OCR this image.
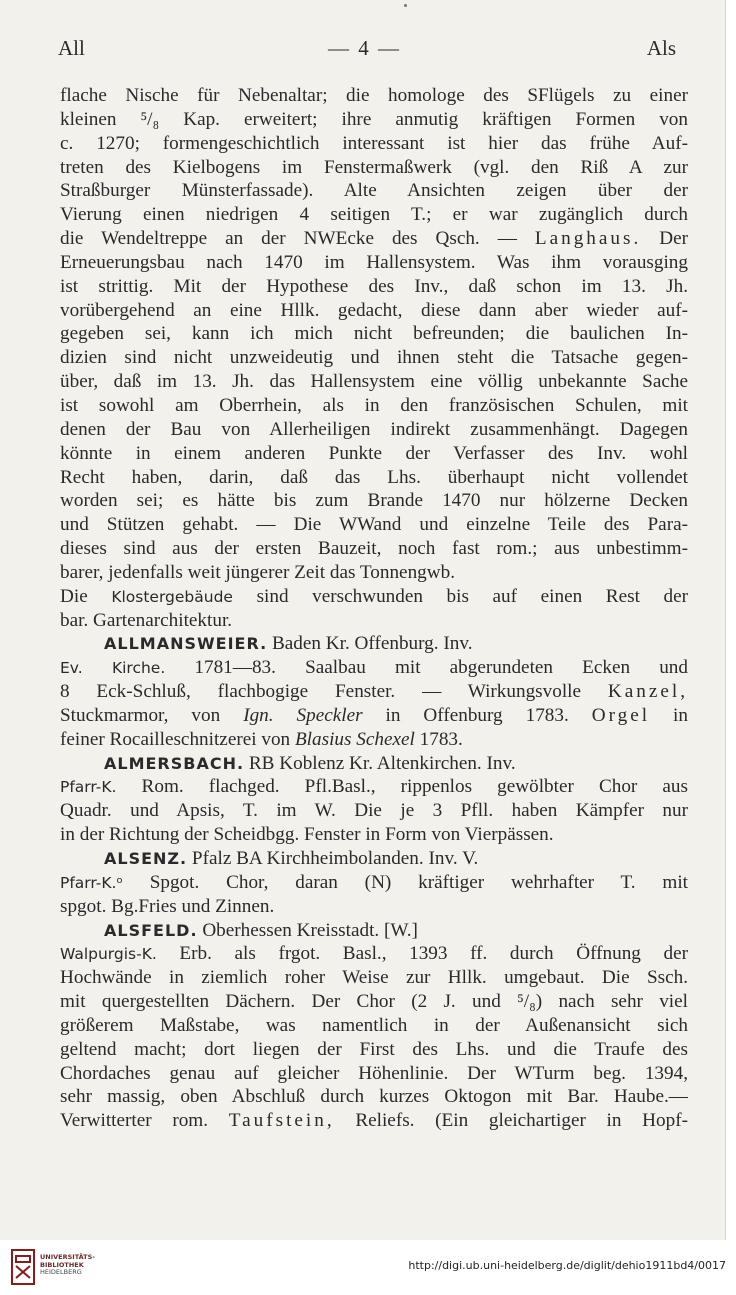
All	— 4 —	Als
flache Nische für Nebenaltar; die homologe des SFlügels zu einer
kleinen ⁵/₈ Kap. erweitert; ihre anmutig kräftigen Formen von
c. 1270; formengeschichtlich interessant ist hier das frühe Auf-
treten des Kielbogens im Fenstermaßwerk (vgl. den Riß A zur
Straßburger Münsterfassade). Alte Ansichten zeigen über der
Vierung einen niedrigen 4 seitigen T.; er war zugänglich durch
die Wendeltreppe an der NWEcke des Qsch. — Langhaus. Der
Erneuerungsbau nach 1470 im Hallensystem. Was ihm vorausging
ist strittig. Mit der Hypothese des Inv., daß schon im 13. Jh.
vorübergehend an eine Hllk. gedacht, diese dann aber wieder auf-
gegeben sei, kann ich mich nicht befreunden; die baulichen In-
dizien sind nicht unzweideutig und ihnen steht die Tatsache gegen-
über, daß im 13. Jh. das Hallensystem eine völlig unbekannte Sache
ist sowohl am Oberrhein, als in den französischen Schulen, mit
denen der Bau von Allerheiligen indirekt zusammenhängt. Dagegen
könnte in einem anderen Punkte der Verfasser des Inv. wohl
Recht haben, darin, daß das Lhs. überhaupt nicht vollendet
worden sei; es hätte bis zum Brande 1470 nur hölzerne Decken
und Stützen gehabt. — Die WWand und einzelne Teile des Para-
dieses sind aus der ersten Bauzeit, noch fast rom.; aus unbestimm-
barer, jedenfalls weit jüngerer Zeit das Tonnengwb.
Die Klostergebäude sind verschwunden bis auf einen Rest der
bar. Gartenarchitektur.
ALLMANSWEIER. Baden Kr. Offenburg. Inv.
Ev. Kirche. 1781—83. Saalbau mit abgerundeten Ecken und
8 Eck-Schluß, flachbogige Fenster. — Wirkungsvolle Kanzel,
Stuckmarmor, von Ign. Speckler in Offenburg 1783. Orgel in
feiner Rocailleschnitzerei von Blasius Schexel 1783.
ALMERSBACH. RB Koblenz Kr. Altenkirchen. Inv.
Pfarr-K. Rom. flachged. Pfl.Basl., rippenlos gewölbter Chor aus
Quadr. und Apsis, T. im W. Die je 3 Pfll. haben Kämpfer nur
in der Richtung der Scheidbgg. Fenster in Form von Vierpässen.
ALSENZ. Pfalz BA Kirchheimbolanden. Inv. V.
Pfarr-K.ᵒ Spgot. Chor, daran (N) kräftiger wehrhafter T. mit
spgot. Bg.Fries und Zinnen.
ALSFELD. Oberhessen Kreisstadt. [W.]
Walpurgis-K. Erb. als frgot. Basl., 1393 ff. durch Öffnung der
Hochwände in ziemlich roher Weise zur Hllk. umgebaut. Die Ssch.
mit quergestellten Dächern. Der Chor (2 J. und ⁵/₈) nach sehr viel
größerem Maßstabe, was namentlich in der Außenansicht sich
geltend macht; dort liegen der First des Lhs. und die Traufe des
Chordaches genau auf gleicher Höhenlinie. Der WTurm beg. 1394,
sehr massig, oben Abschluß durch kurzes Oktogon mit Bar. Haube.—
Verwitterter rom. Taufstein, Reliefs. (Ein gleichartiger in Hopf-
UNIVERSITÄTS-
BIBLIOTHEK
HEIDELBERG	http://digi.ub.uni-heidelberg.de/diglit/dehio1911bd4/0017
